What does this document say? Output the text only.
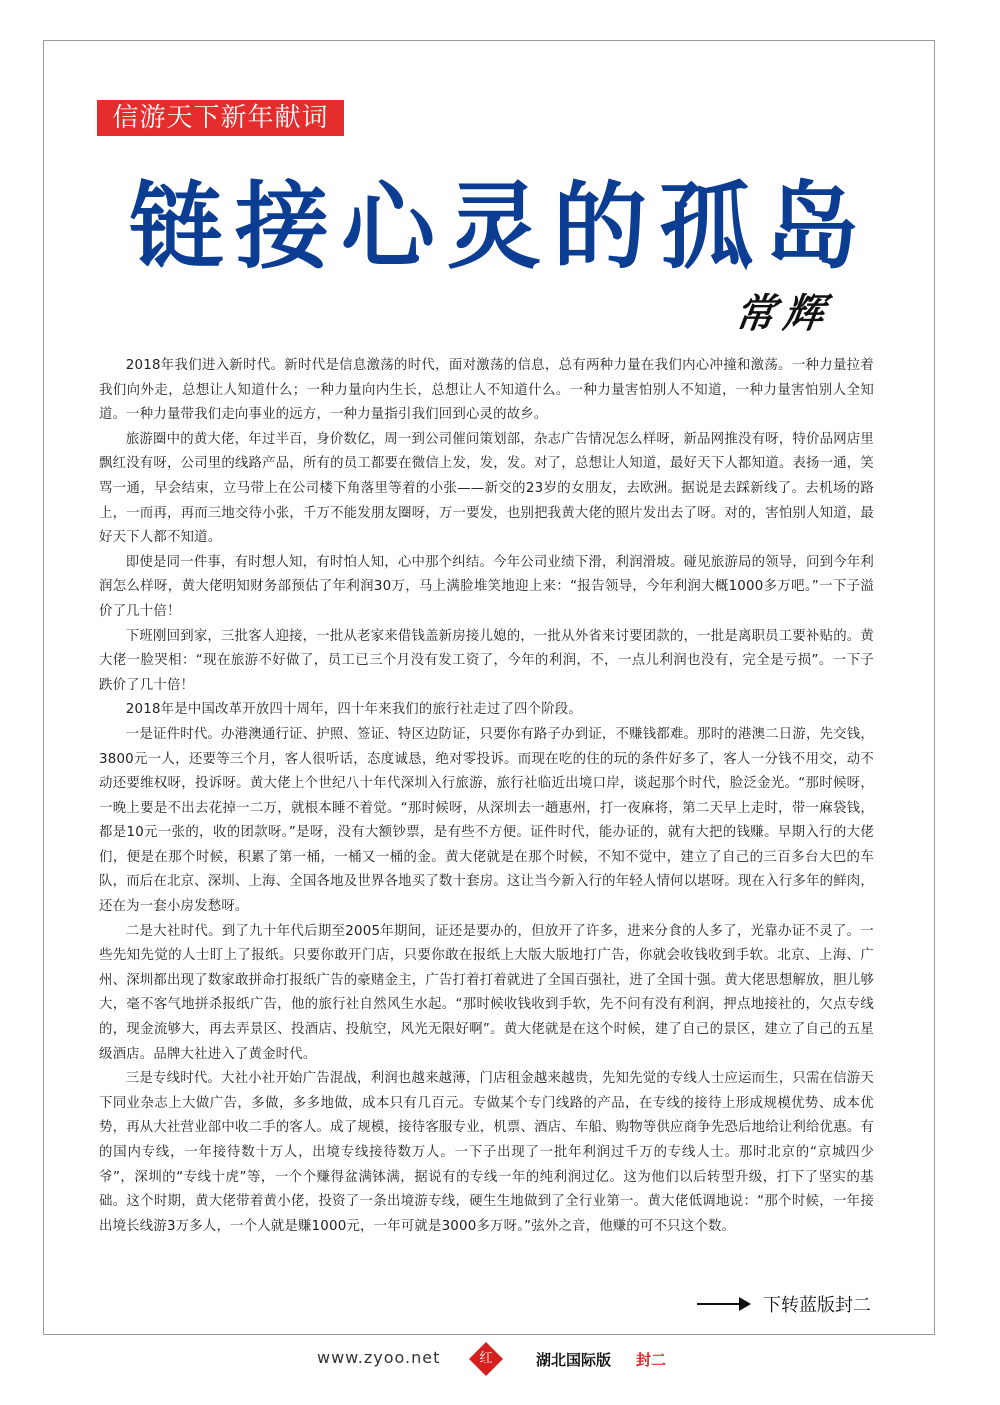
信游天下新年献词
链接心灵的孤岛
常辉

2018年我们进入新时代。新时代是信息激荡的时代，面对激荡的信息，总有两种力量在我们内心冲撞和激荡。一种力量拉着我们向外走，总想让人知道什么；一种力量向内生长，总想让人不知道什么。一种力量害怕别人不知道，一种力量害怕别人全知道。一种力量带我们走向事业的远方，一种力量指引我们回到心灵的故乡。

旅游圈中的黄大佬，年过半百，身价数亿，周一到公司催问策划部，杂志广告情况怎么样呀，新品网推没有呀，特价品网店里飘红没有呀，公司里的线路产品，所有的员工都要在微信上发，发，发。对了，总想让人知道，最好天下人都知道。表扬一通，笑骂一通，早会结束，立马带上在公司楼下角落里等着的小张——新交的23岁的女朋友，去欧洲。据说是去踩新线了。去机场的路上，一而再，再而三地交待小张，千万不能发朋友圈呀，万一要发，也别把我黄大佬的照片发出去了呀。对的，害怕别人知道，最好天下人都不知道。

即使是同一件事，有时想人知，有时怕人知，心中那个纠结。今年公司业绩下滑，利润滑坡。碰见旅游局的领导，问到今年利润怎么样呀，黄大佬明知财务部预估了年利润30万，马上满脸堆笑地迎上来：“报告领导，今年利润大概1000多万吧。”一下子溢价了几十倍！

下班刚回到家，三批客人迎接，一批从老家来借钱盖新房接儿媳的，一批从外省来讨要团款的，一批是离职员工要补贴的。黄大佬一脸哭相：“现在旅游不好做了，员工已三个月没有发工资了，今年的利润，不，一点儿利润也没有，完全是亏损”。一下子跌价了几十倍！

2018年是中国改革开放四十周年，四十年来我们的旅行社走过了四个阶段。

一是证件时代。办港澳通行证、护照、签证、特区边防证，只要你有路子办到证，不赚钱都难。那时的港澳二日游，先交钱，3800元一人，还要等三个月，客人很听话，态度诚恳，绝对零投诉。而现在吃的住的玩的条件好多了，客人一分钱不用交，动不动还要维权呀，投诉呀。黄大佬上个世纪八十年代深圳入行旅游，旅行社临近出境口岸，谈起那个时代，脸泛金光。“那时候呀，一晚上要是不出去花掉一二万，就根本睡不着觉。“那时候呀，从深圳去一趟惠州，打一夜麻将，第二天早上走时，带一麻袋钱，都是10元一张的，收的团款呀。”是呀，没有大额钞票，是有些不方便。证件时代，能办证的，就有大把的钱赚。早期入行的大佬们，便是在那个时候，积累了第一桶，一桶又一桶的金。黄大佬就是在那个时候，不知不觉中，建立了自己的三百多台大巴的车队，而后在北京、深圳、上海、全国各地及世界各地买了数十套房。这让当今新入行的年轻人情何以堪呀。现在入行多年的鲜肉，还在为一套小房发愁呀。

二是大社时代。到了九十年代后期至2005年期间，证还是要办的，但放开了许多，进来分食的人多了，光靠办证不灵了。一些先知先觉的人士盯上了报纸。只要你敢开门店，只要你敢在报纸上大版大版地打广告，你就会收钱收到手软。北京、上海、广州、深圳都出现了数家敢拼命打报纸广告的豪赌金主，广告打着打着就进了全国百强社，进了全国十强。黄大佬思想解放，胆儿够大，毫不客气地拼杀报纸广告，他的旅行社自然风生水起。“那时候收钱收到手软，先不问有没有利润，押点地接社的，欠点专线的，现金流够大，再去弄景区、投酒店、投航空，风光无限好啊”。黄大佬就是在这个时候，建了自己的景区，建立了自己的五星级酒店。品牌大社进入了黄金时代。

三是专线时代。大社小社开始广告混战，利润也越来越薄，门店租金越来越贵，先知先觉的专线人士应运而生，只需在信游天下同业杂志上大做广告，多做，多多地做，成本只有几百元。专做某个专门线路的产品，在专线的接待上形成规模优势、成本优势，再从大社营业部中收二手的客人。成了规模，接待客服专业，机票、酒店、车船、购物等供应商争先恐后地给让利给优惠。有的国内专线，一年接待数十万人，出境专线接待数万人。一下子出现了一批年利润过千万的专线人士。那时北京的“京城四少爷”，深圳的“专线十虎”等，一个个赚得盆满钵满，据说有的专线一年的纯利润过亿。这为他们以后转型升级，打下了坚实的基础。这个时期，黄大佬带着黄小佬，投资了一条出境游专线，硬生生地做到了全行业第一。黄大佬低调地说：“那个时候，一年接出境长线游3万多人，一个人就是赚1000元，一年可就是3000多万呀。”弦外之音，他赚的可不只这个数。

下转蓝版封二
www.zyoo.net	红	湖北国际版 封二
